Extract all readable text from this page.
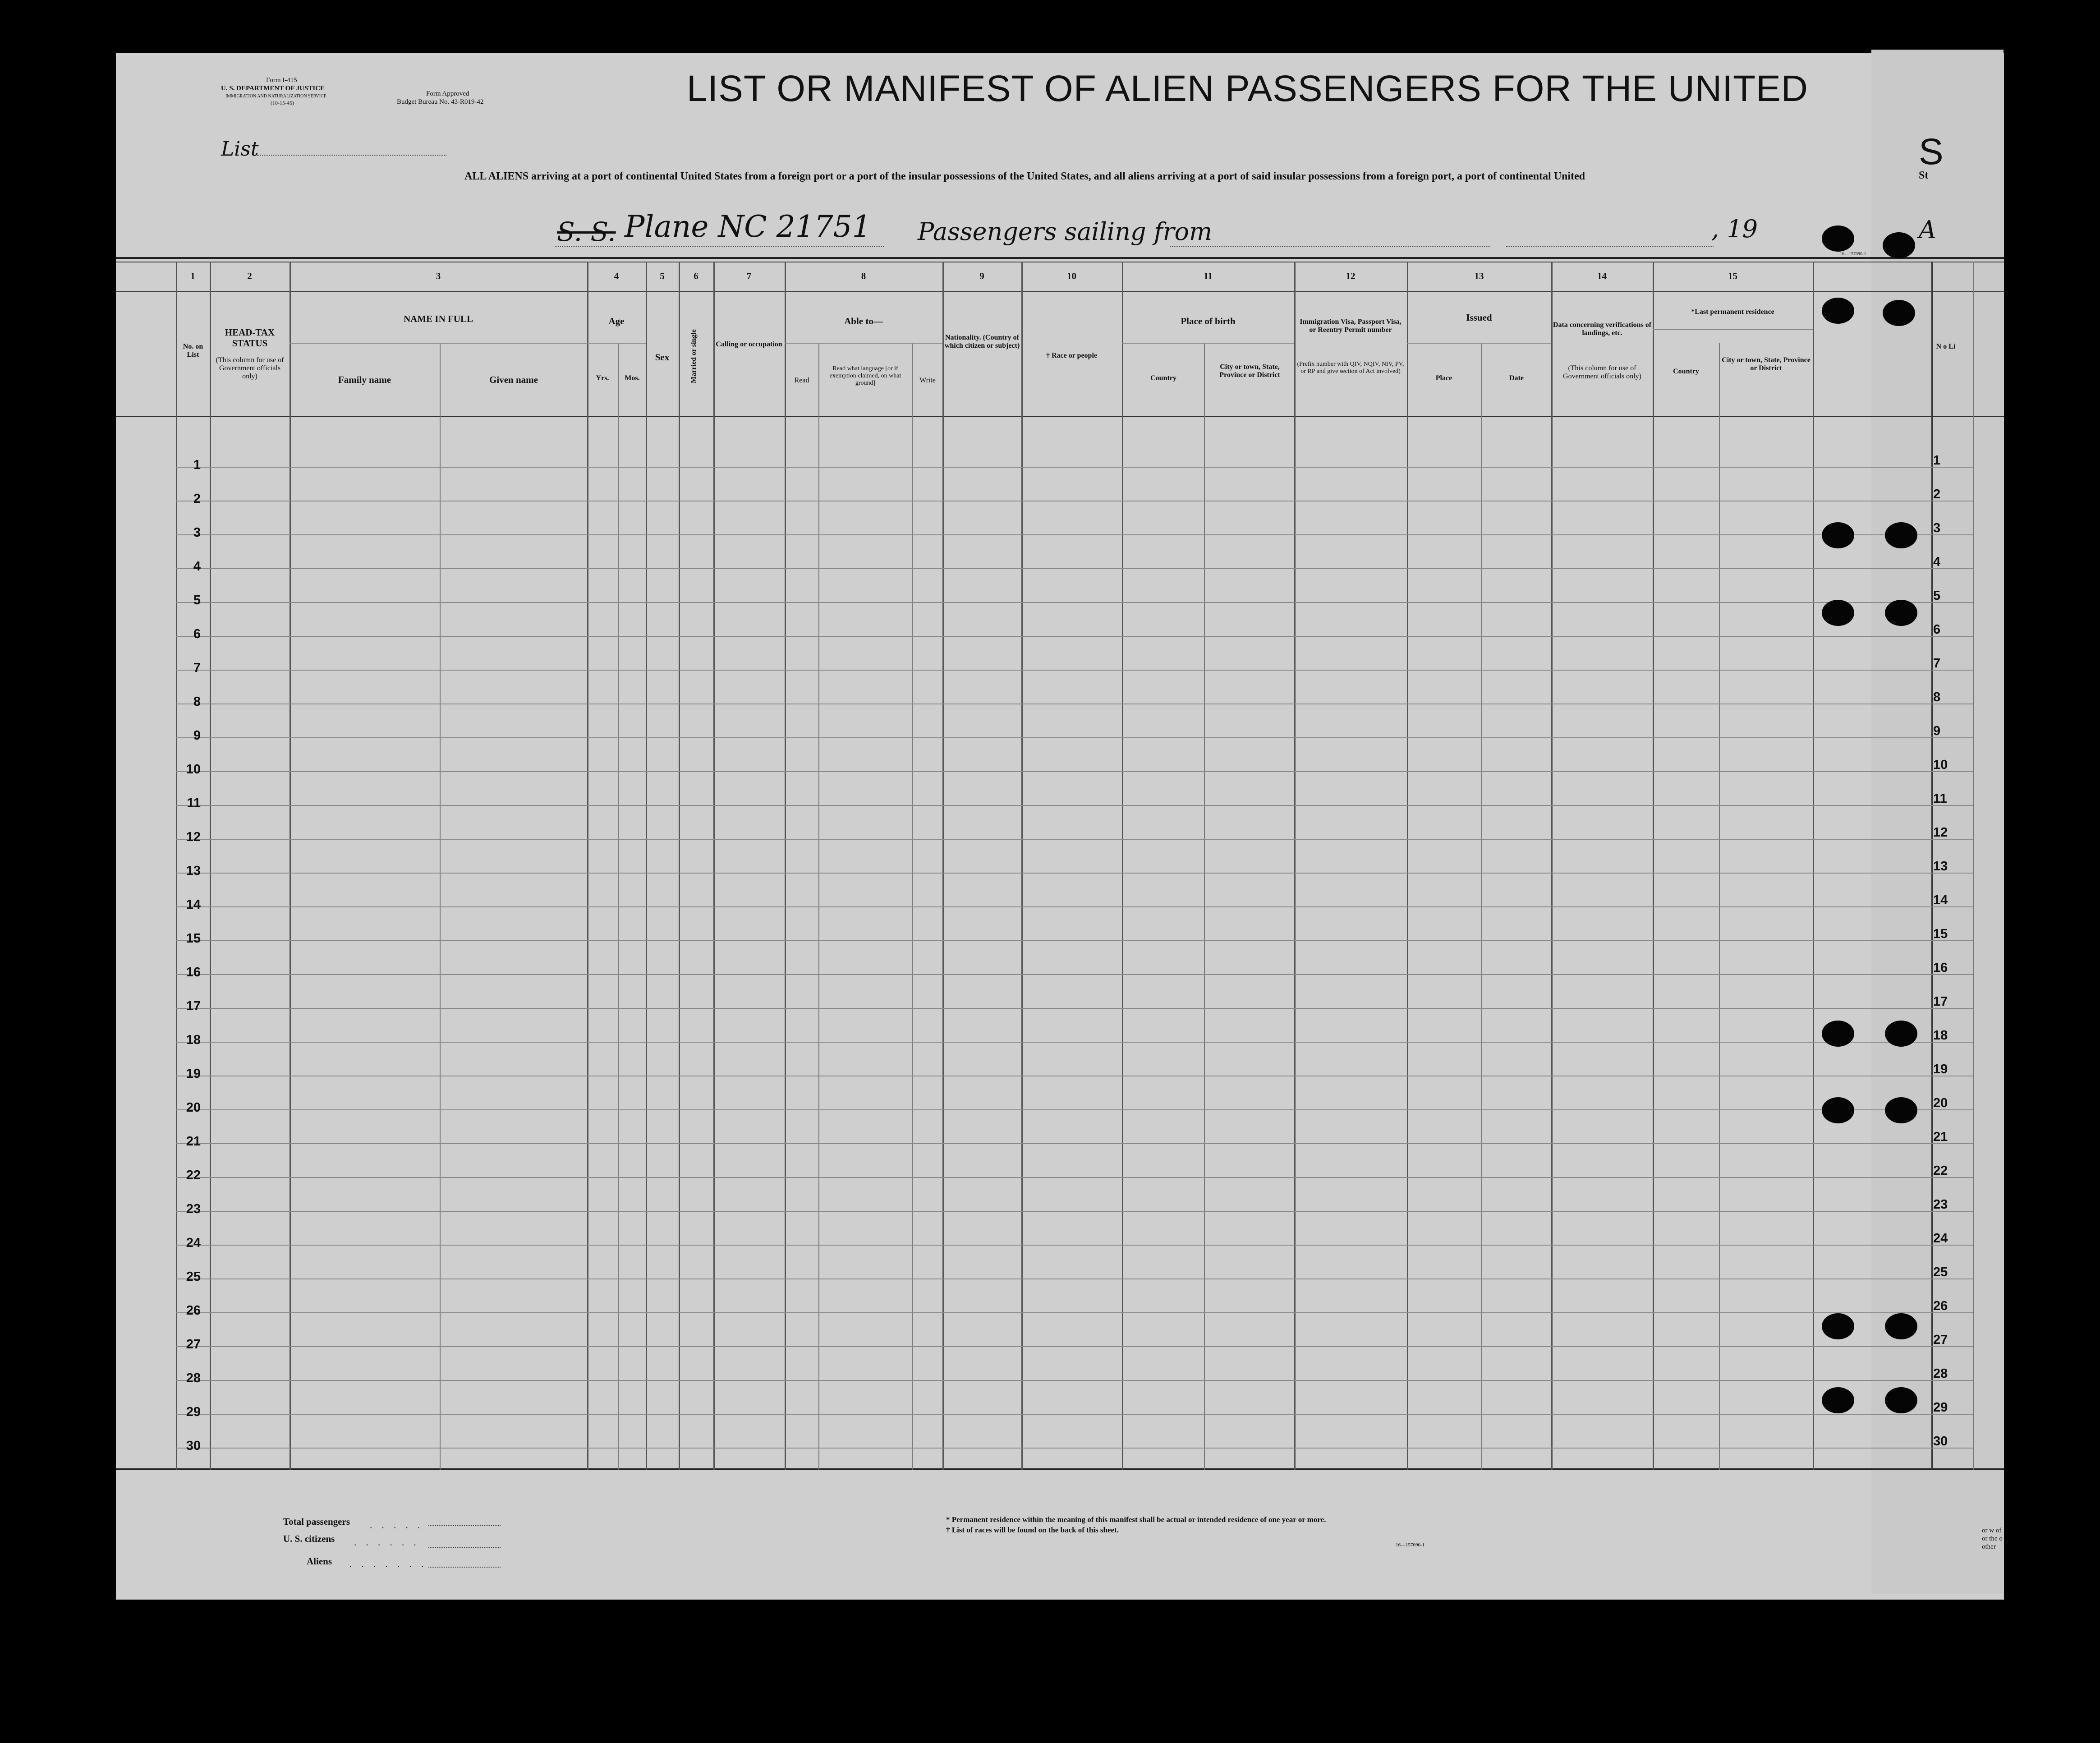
Form I-415
U. S. DEPARTMENT OF JUSTICE
IMMIGRATION AND NATURALIZATION SERVICE
(10-15-45)
Form Approved
Budget Bureau No. 43-R019-42
List
LIST OR MANIFEST OF ALIEN PASSENGERS FOR THE UNITED
ALL ALIENS arriving at a port of continental United States from a foreign port or a port of the insular possessions of the United States, and all aliens arriving at a port of said insular possessions from a foreign port, a port of continental United
S. S. Plane NC 21751 Passengers sailing from	, 19
16—157090-1
1	2	3	4	5	6	7	8	9	10	11	12	13	14	15
No. on List
HEAD-TAX STATUS
(This column for use of Government officials only)
NAME IN FULL
Family name	Given name
Age
Yrs.	Mos.
Sex	Married or single	Calling or occupation
Able to—
Read
Read what language [or if exemption claimed, on what ground]	Write
Nationality. (Country of which citizen or subject)
† Race or people
Place of birth
Country
City or town, State, Province or District
Immigration Visa, Passport Visa, or Reentry Permit number
(Prefix number with QIV, NQIV, NIV, PV, or RP and give section of Act involved)
Issued
Place	Date
Data concerning verifications of landings, etc.
(This column for use of Government officials only)
*Last permanent residence
Country
City or town, State, Province or District
S
St
A
N o Li
or w of or the o other
1	1
2	2
3	3
4	4
5	5
6	6
7	7
8	8
9	9
10	10
11	11
12	12
13	13
14	14
15	15
16	16
17	17
18	18
19	19
20	20
21	21
22	22
23	23
24	24
25	25
26	26
27	27
28	28
29	29
30	30
Total passengers . . . . .
U. S. citizens . . . . . .
Aliens . . . . . . .
* Permanent residence within the meaning of this manifest shall be actual or intended residence of one year or more.
† List of races will be found on the back of this sheet.
16—157090-1
